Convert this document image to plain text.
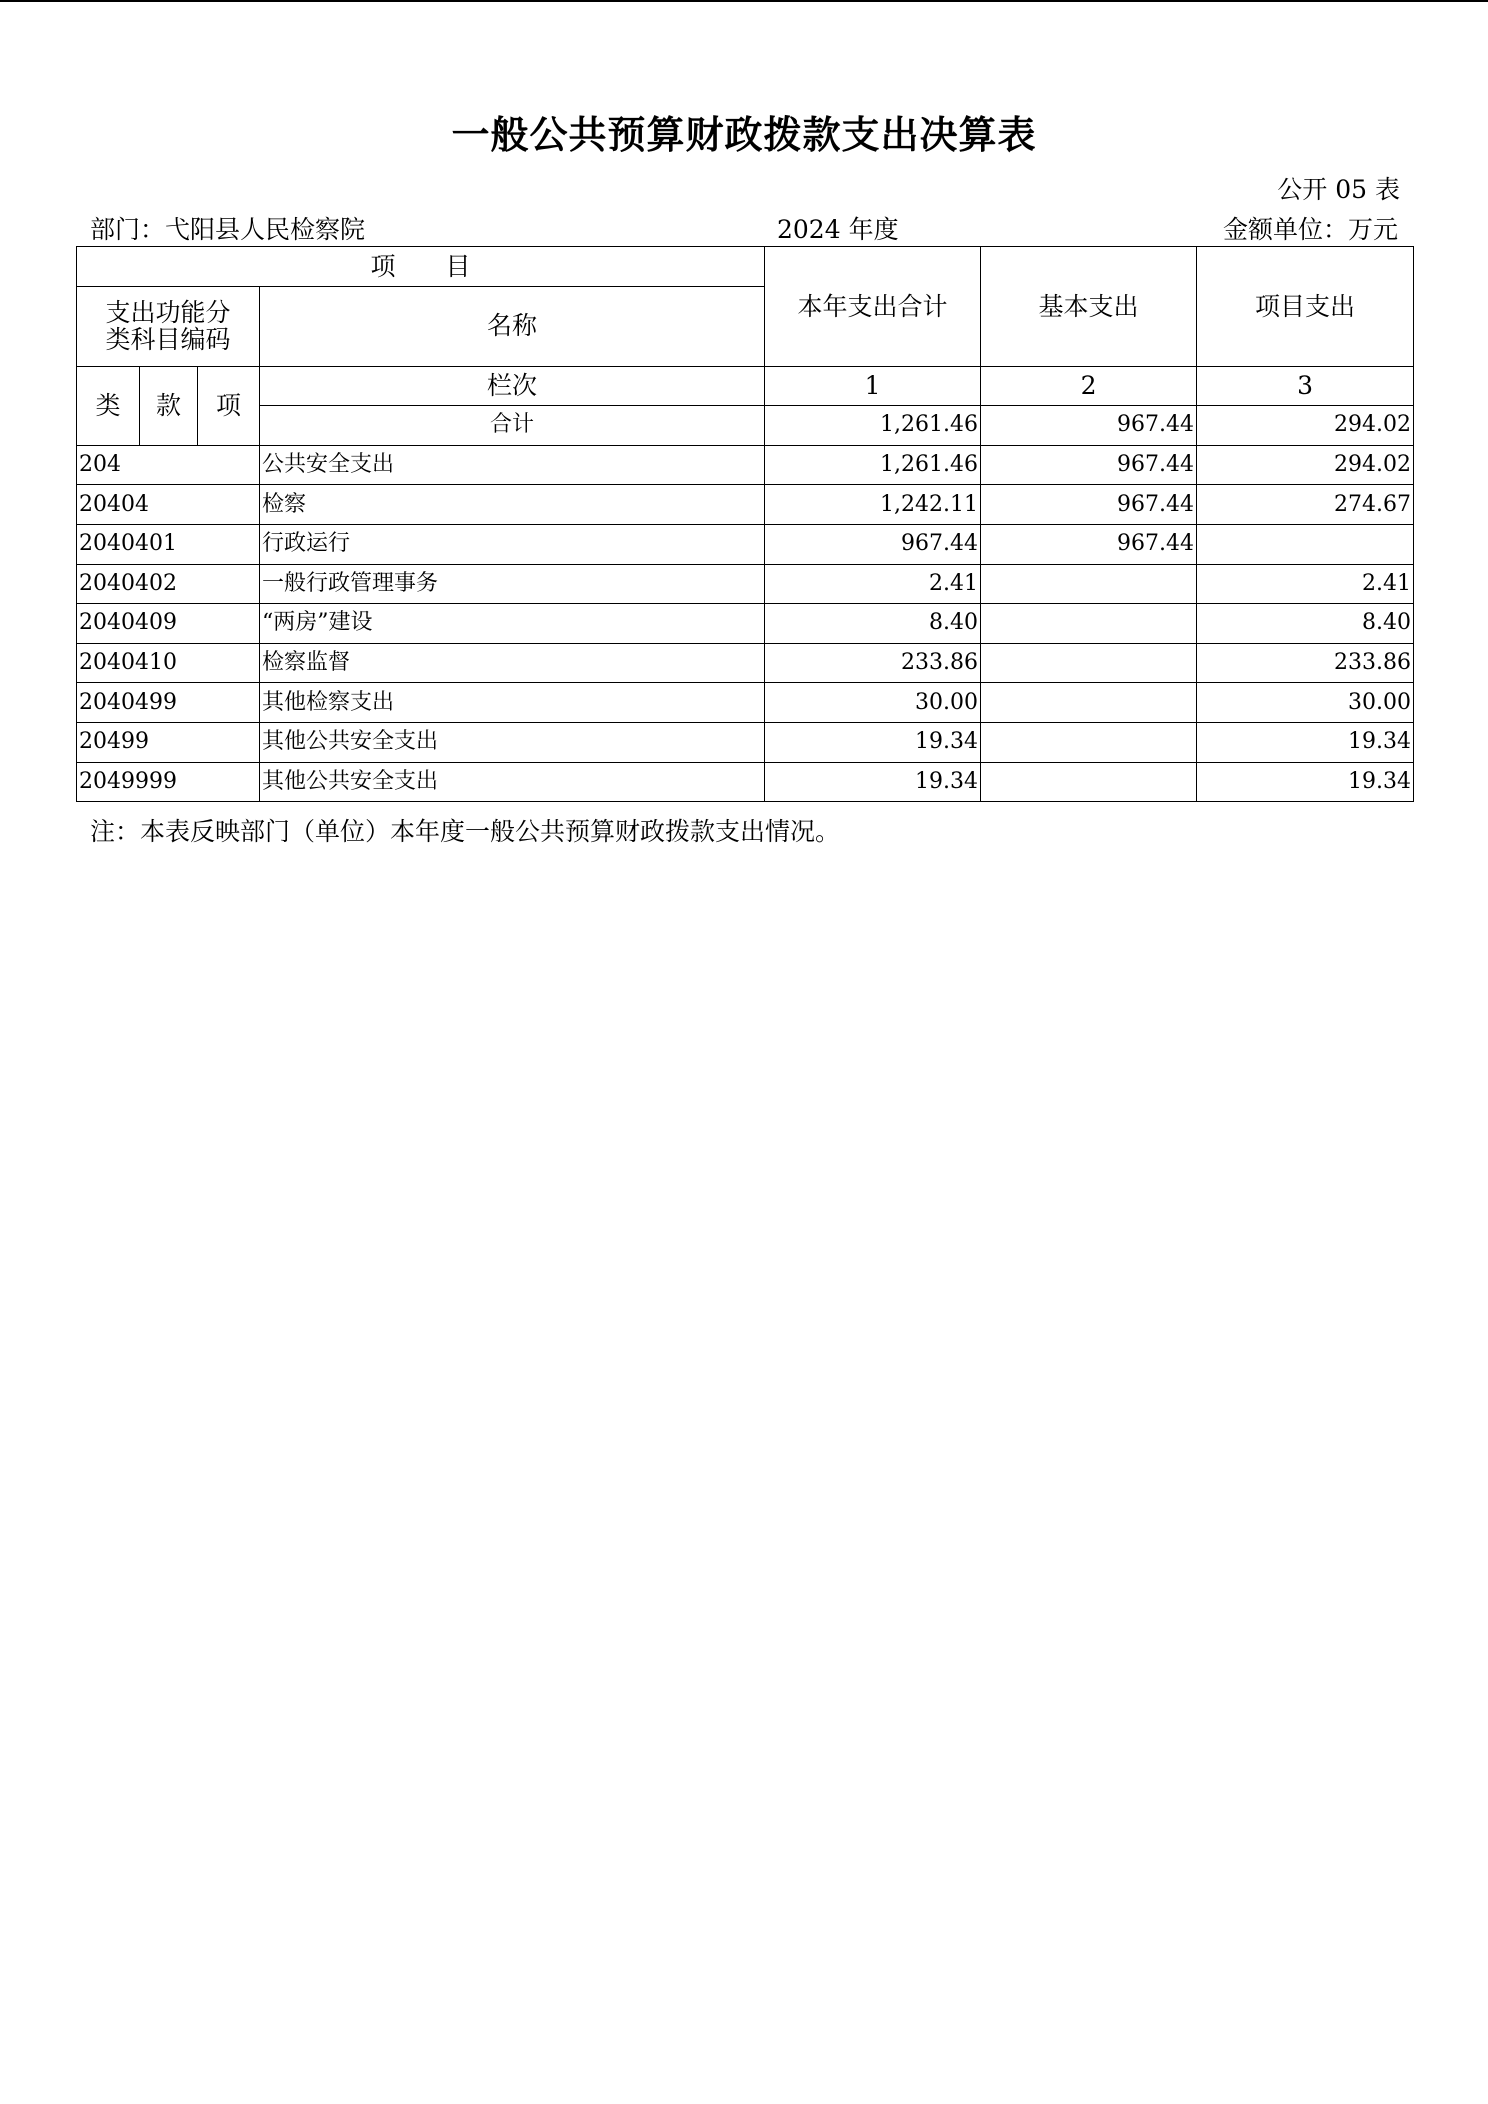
一般公共预算财政拨款支出决算表
公开 05 表
部门：弋阳县人民检察院	2024 年度	金额单位：万元
项　　目				本年支出合计	基本支出	项目支出
支出功能分
类科目编码			名称			
类	款	项	栏次	1	2	3
			合计	1,261.46	967.44	294.02
204			公共安全支出	1,261.46	967.44	294.02
20404			检察	1,242.11	967.44	274.67
2040401			行政运行	967.44	967.44	
2040402			一般行政管理事务	2.41		2.41
2040409			“两房”建设	8.40		8.40
2040410			检察监督	233.86		233.86
2040499			其他检察支出	30.00		30.00
20499			其他公共安全支出	19.34		19.34
2049999			其他公共安全支出	19.34		19.34
注：本表反映部门（单位）本年度一般公共预算财政拨款支出情况。
